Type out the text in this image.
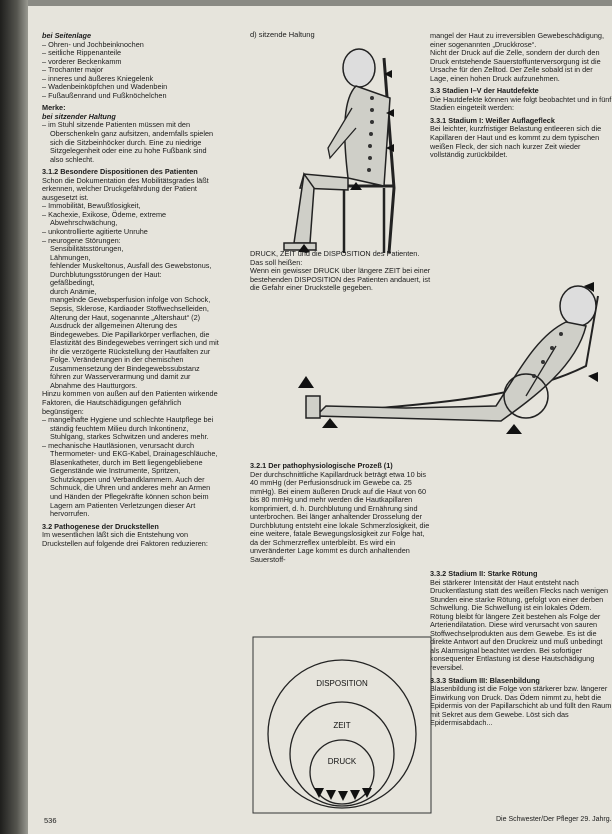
bei Seitenlage

– Ohren- und Jochbeinknochen

– seitliche Rippenanteile

– vorderer Beckenkamm

– Trochanter major

– inneres und äußeres Kniegelenk

– Wadenbeinköpfchen und Wadenbein

– Fußaußenrand und Fußknöchelchen

Merke:

bei sitzender Haltung

– im Stuhl sitzende Patienten müssen mit den Oberschenkeln ganz aufsitzen, andernfalls spielen sich die Sitzbeinhöcker durch. Eine zu niedrige Sitzgelegenheit oder eine zu hohe Fußbank sind also schlecht.

3.1.2 Besondere Dispositionen des Patienten

Schon die Dokumentation des Mobilitätsgrades läßt erkennen, welcher Druckgefährdung der Patient ausgesetzt ist.

– Immobilität, Bewußtlosigkeit,

– Kachexie, Exikose, Ödeme, extreme Abwehrschwächung,

– unkontrollierte agitierte Unruhe

– neurogene Störungen:

Sensibilitätsstörungen,

Lähmungen,

fehlender Muskeltonus, Ausfall des Gewebstonus,

Durchblutungsstörungen der Haut:

gefäßbedingt,

durch Anämie,

mangelnde Gewebsperfusion infolge von Schock, Sepsis, Sklerose, Kardiaoder Stoffwechselleiden,

Alterung der Haut, sogenannte „Altershaut“ (2)

Ausdruck der allgemeinen Alterung des Bindegewebes. Die Papillarkörper verflachen, die Elastizität des Bindegewebes verringert sich und mit ihr die verzögerte Rückstellung der Hautfalten zur Folge. Veränderungen in der chemischen Zusammensetzung der Bindegewebssubstanz führen zur Wasserverarmung und damit zur Abnahme des Hautturgors.

Hinzu kommen von außen auf den Patienten wirkende Faktoren, die Hautschädigungen gefährlich begünstigen:

– mangelhafte Hygiene und schlechte Hautpflege bei ständig feuchtem Milieu durch Inkontinenz, Stuhlgang, starkes Schwitzen und anderes mehr.

– mechanische Hautläsionen, verursacht durch Thermometer- und EKG-Kabel, Drainageschläuche, Blasenkatheter, durch im Bett liegengebliebene Gegenstände wie Instrumente, Spritzen, Schutzkappen und Verbandklammern. Auch der Schmuck, die Uhren und anderes mehr an Armen und Händen der Pflegekräfte können schon beim Lagern am Patienten Verletzungen dieser Art hervorrufen.

3.2 Pathogenese der Druckstellen

Im wesentlichen läßt sich die Entstehung von Druckstellen auf folgende drei Faktoren reduzieren:

d) sitzende Haltung

DRUCK, ZEIT und die DISPOSITION des Patienten.

Das soll heißen:

Wenn ein gewisser DRUCK über längere ZEIT bei einer bestehenden DISPOSITION des Patienten andauert, ist die Gefahr einer Druckstelle gegeben.

3.2.1 Der pathophysiologische Prozeß (1)

Der durchschnittliche Kapillardruck beträgt etwa 10 bis 40 mmHg (der Perfusionsdruck im Gewebe ca. 25 mmHg). Bei einem äußeren Druck auf die Haut von 60 bis 80 mmHg und mehr werden die Hautkapillaren komprimiert, d. h. Durchblutung und Ernährung sind unterbrochen. Bei länger anhaltender Drosselung der Durchblutung entsteht eine lokale Schmerzlosigkeit, die eine weitere, fatale Bewegungslosigkeit zur Folge hat, da der Schmerzreflex unterbleibt. Es wird ein unveränderter Lage kommt es durch anhaltenden Sauerstoff-

DISPOSITION
ZEIT
DRUCK

mangel der Haut zu irreversiblen Gewebeschädigung, einer sogenannten „Druckkrose“.

Nicht der Druck auf die Zelle, sondern der durch den Druck entstehende Sauerstoffunterversorgung ist die Ursache für den Zelltod. Der Zelle sobald ist in der Lage, einen hohen Druck aufzunehmen.

3.3 Stadien I–V der Hautdefekte

Die Hautdefekte können wie folgt beobachtet und in fünf Stadien eingeteilt werden:

3.3.1 Stadium I: Weißer Auflagefleck

Bei leichter, kurzfristiger Belastung entleeren sich die Kapillaren der Haut und es kommt zu dem typischen weißen Fleck, der sich nach kurzer Zeit wieder vollständig zurückbildet.

3.3.2 Stadium II: Starke Rötung

Bei stärkerer Intensität der Haut entsteht nach Druckentlastung statt des weißen Flecks nach wenigen Stunden eine starke Rötung, gefolgt von einer derben Schwellung. Die Schwellung ist ein lokales Ödem. Rötung bleibt für längere Zeit bestehen als Folge der Arteriendilatation. Diese wird verursacht von sauren Stoffwechselprodukten aus dem Gewebe. Es ist die direkte Antwort auf den Druckreiz und muß unbedingt als Alarmsignal beachtet werden. Bei sofortiger konsequenter Entlastung ist diese Hautschädigung reversibel.

3.3.3 Stadium III: Blasenbildung

Blasenbildung ist die Folge von stärkerer bzw. längerer Einwirkung von Druck. Das Ödem nimmt zu, hebt die Epidermis von der Papillarschicht ab und füllt den Raum mit Sekret aus dem Gewebe. Löst sich das Epidermisabdach...

536	Die Schwester/Der Pfleger 29. Jahrg.
